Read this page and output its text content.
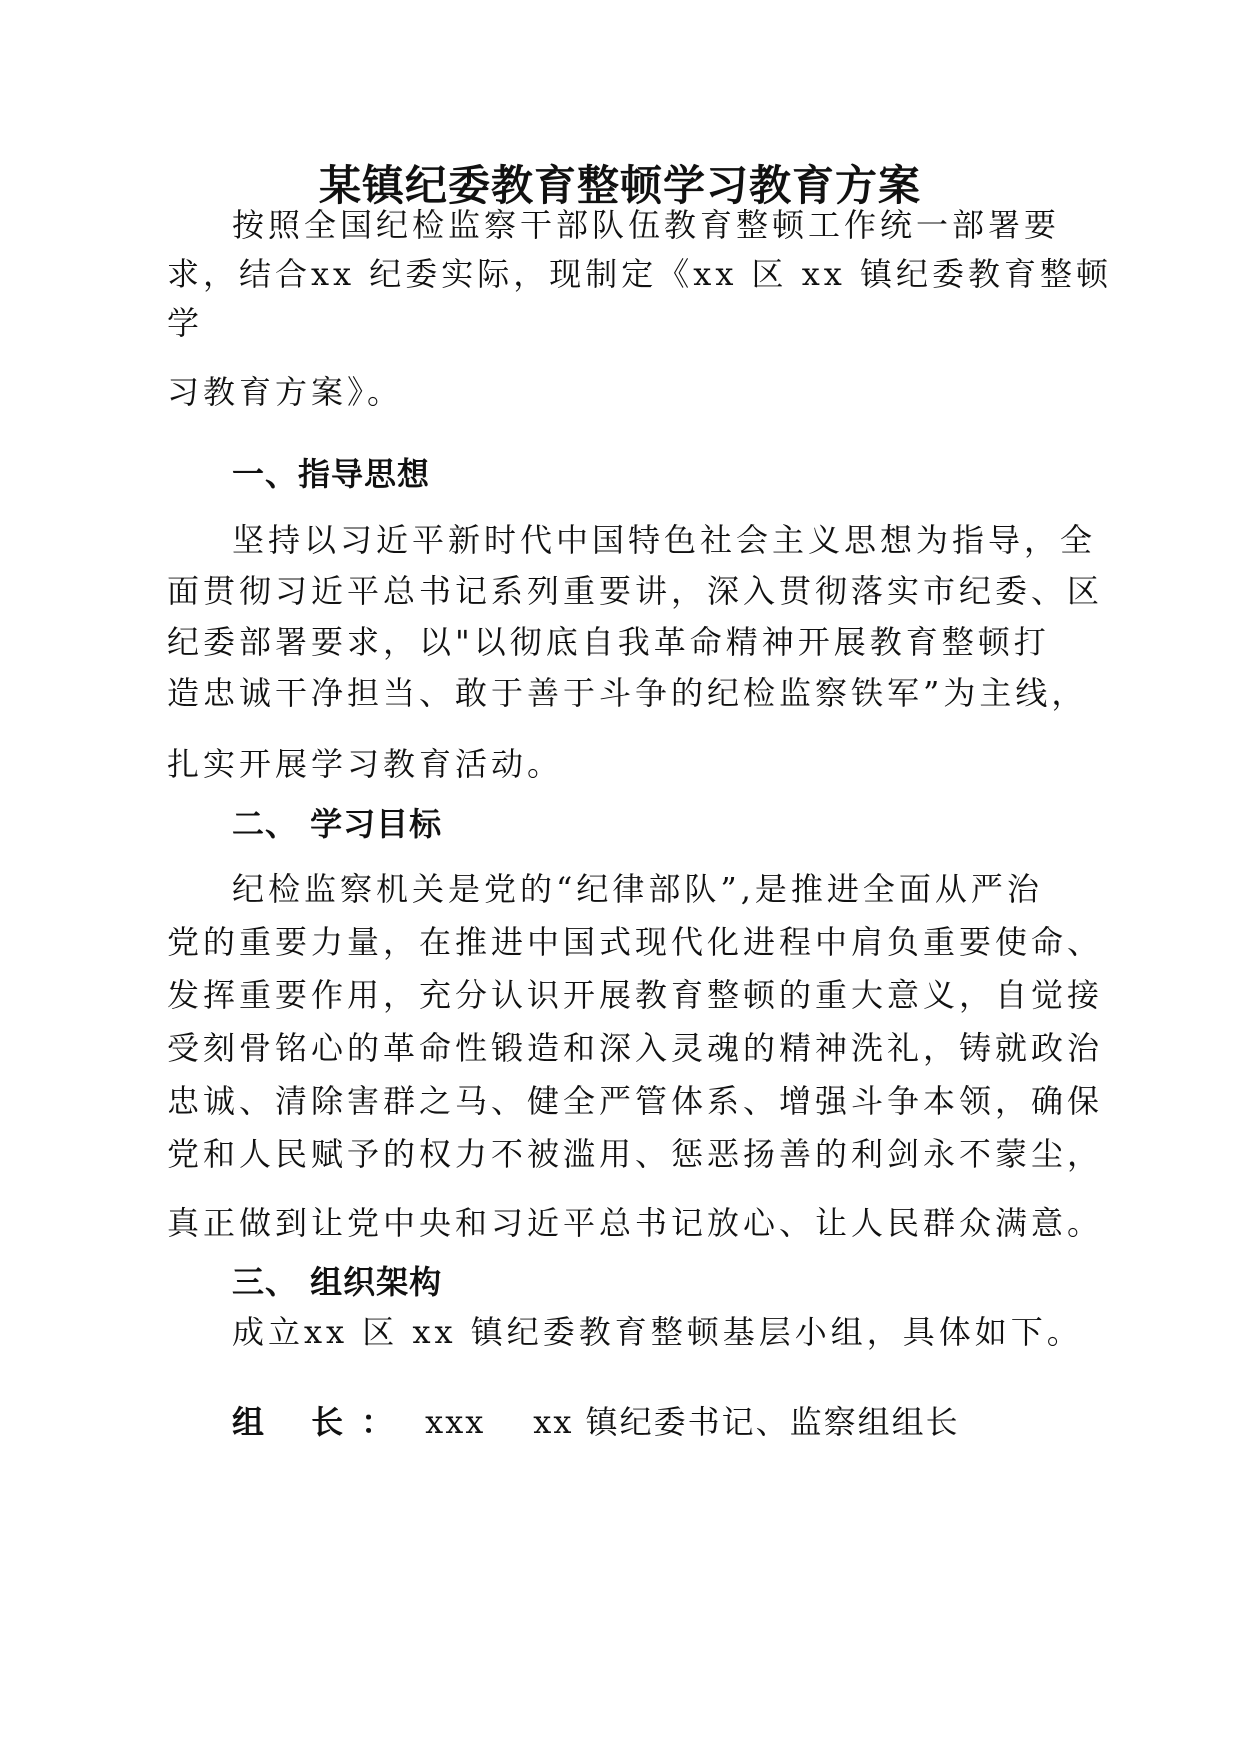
某镇纪委教育整顿学习教育方案

按照全国纪检监察干部队伍教育整顿工作统一部署要

求，结合xx 纪委实际，现制定《xx 区 xx 镇纪委教育整顿

学

习教育方案》。

一、指导思想

坚持以习近平新时代中国特色社会主义思想为指导，全

面贯彻习近平总书记系列重要讲，深入贯彻落实市纪委、区

纪委部署要求，以"以彻底自我革命精神开展教育整顿打

造忠诚干净担当、敢于善于斗争的纪检监察铁军”为主线，

扎实开展学习教育活动。

二、 学习目标

纪检监察机关是党的“纪律部队”,是推进全面从严治

党的重要力量，在推进中国式现代化进程中肩负重要使命、

发挥重要作用，充分认识开展教育整顿的重大意义，自觉接

受刻骨铭心的革命性锻造和深入灵魂的精神洗礼，铸就政治

忠诚、清除害群之马、健全严管体系、增强斗争本领，确保

党和人民赋予的权力不被滥用、惩恶扬善的利剑永不蒙尘，

真正做到让党中央和习近平总书记放心、让人民群众满意。

三、 组织架构

成立xx 区 xx 镇纪委教育整顿基层小组，具体如下。

组 长： xxx xx 镇纪委书记、监察组组长
